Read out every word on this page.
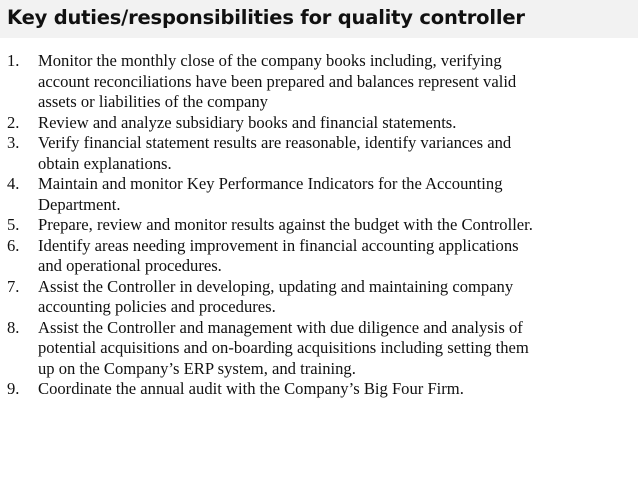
Key duties/responsibilities for quality controller
1. Monitor the monthly close of the company books including, verifying
account reconciliations have been prepared and balances represent valid
assets or liabilities of the company
2. Review and analyze subsidiary books and financial statements.
3. Verify financial statement results are reasonable, identify variances and
obtain explanations.
4. Maintain and monitor Key Performance Indicators for the Accounting
Department.
5. Prepare, review and monitor results against the budget with the Controller.
6. Identify areas needing improvement in financial accounting applications
and operational procedures.
7. Assist the Controller in developing, updating and maintaining company
accounting policies and procedures.
8. Assist the Controller and management with due diligence and analysis of
potential acquisitions and on-boarding acquisitions including setting them
up on the Company’s ERP system, and training.
9. Coordinate the annual audit with the Company’s Big Four Firm.
